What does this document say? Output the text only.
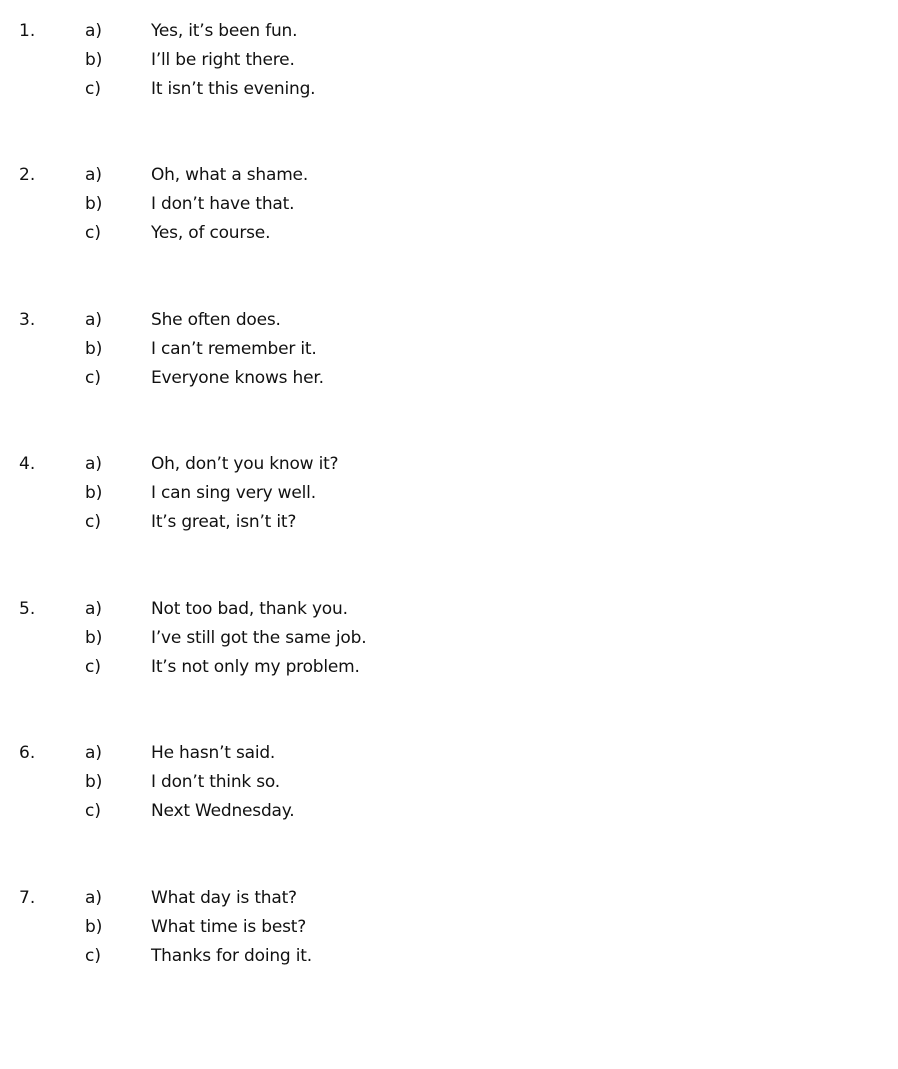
1.	a)	Yes, it’s been fun.
b)	I’ll be right there.
c)	It isn’t this evening.
2.	a)	Oh, what a shame.
b)	I don’t have that.
c)	Yes, of course.
3.	a)	She often does.
b)	I can’t remember it.
c)	Everyone knows her.
4.	a)	Oh, don’t you know it?
b)	I can sing very well.
c)	It’s great, isn’t it?
5.	a)	Not too bad, thank you.
b)	I’ve still got the same job.
c)	It’s not only my problem.
6.	a)	He hasn’t said.
b)	I don’t think so.
c)	Next Wednesday.
7.	a)	What day is that?
b)	What time is best?
c)	Thanks for doing it.
